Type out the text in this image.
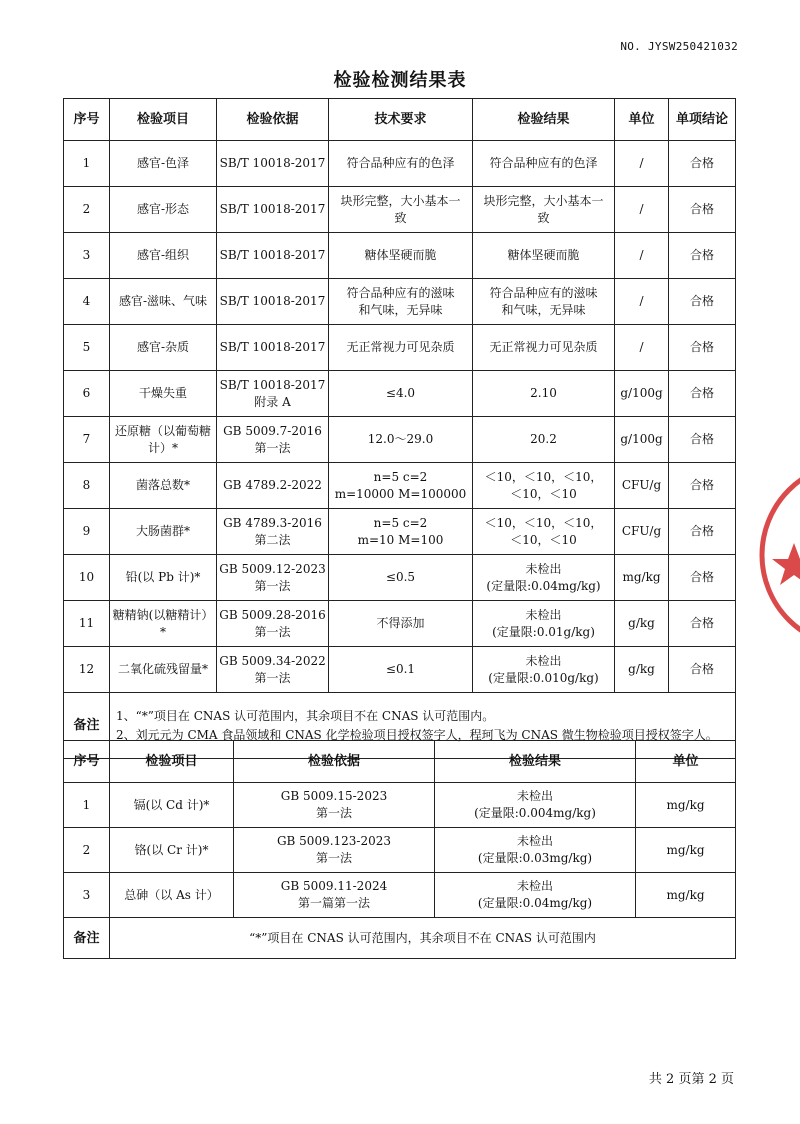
NO. JYSW250421032
检验检测结果表
序号	检验项目	检验依据	技术要求	检验结果	单位	单项结论
1	感官-色泽	SB/T 10018-2017	符合品种应有的色泽	符合品种应有的色泽	/	合格
2	感官-形态	SB/T 10018-2017	块形完整，大小基本一
致	块形完整，大小基本一
致	/	合格
3	感官-组织	SB/T 10018-2017	糖体坚硬而脆	糖体坚硬而脆	/	合格
4	感官-滋味、气味	SB/T 10018-2017	符合品种应有的滋味
和气味，无异味	符合品种应有的滋味
和气味，无异味	/	合格
5	感官-杂质	SB/T 10018-2017	无正常视力可见杂质	无正常视力可见杂质	/	合格
6	干燥失重	SB/T 10018-2017
附录 A	≤4.0	2.10	g/100g	合格
7	还原糖（以葡萄糖计）*	GB 5009.7-2016
第一法	12.0～29.0	20.2	g/100g	合格
8	菌落总数*	GB 4789.2-2022	n=5 c=2
m=10000 M=100000	＜10，＜10，＜10，
＜10，＜10	CFU/g	合格
9	大肠菌群*	GB 4789.3-2016
第二法	n=5 c=2
m=10 M=100	＜10，＜10，＜10，
＜10，＜10	CFU/g	合格
10	铅(以 Pb 计)*	GB 5009.12-2023
第一法	≤0.5	未检出
(定量限:0.04mg/kg)	mg/kg	合格
11	糖精钠(以糖精计）*	GB 5009.28-2016
第一法	不得添加	未检出
(定量限:0.01g/kg)	g/kg	合格
12	二氧化硫残留量*	GB 5009.34-2022
第一法	≤0.1	未检出
(定量限:0.010g/kg)	g/kg	合格
备注	1、“*”项目在 CNAS 认可范围内，其余项目不在 CNAS 认可范围内。
2、刘元元为 CMA 食品领域和 CNAS 化学检验项目授权签字人，程珂飞为 CNAS 微生物检验项目授权签字人。					
序号	检验项目	检验依据	检验结果	单位
1	镉(以 Cd 计)*	GB 5009.15-2023
第一法	未检出
(定量限:0.004mg/kg)	mg/kg
2	铬(以 Cr 计)*	GB 5009.123-2023
第一法	未检出
(定量限:0.03mg/kg)	mg/kg
3	总砷（以 As 计）	GB 5009.11-2024
第一篇第一法	未检出
(定量限:0.04mg/kg)	mg/kg
备注	“*”项目在 CNAS 认可范围内，其余项目不在 CNAS 认可范围内			
共 2 页第 2 页
